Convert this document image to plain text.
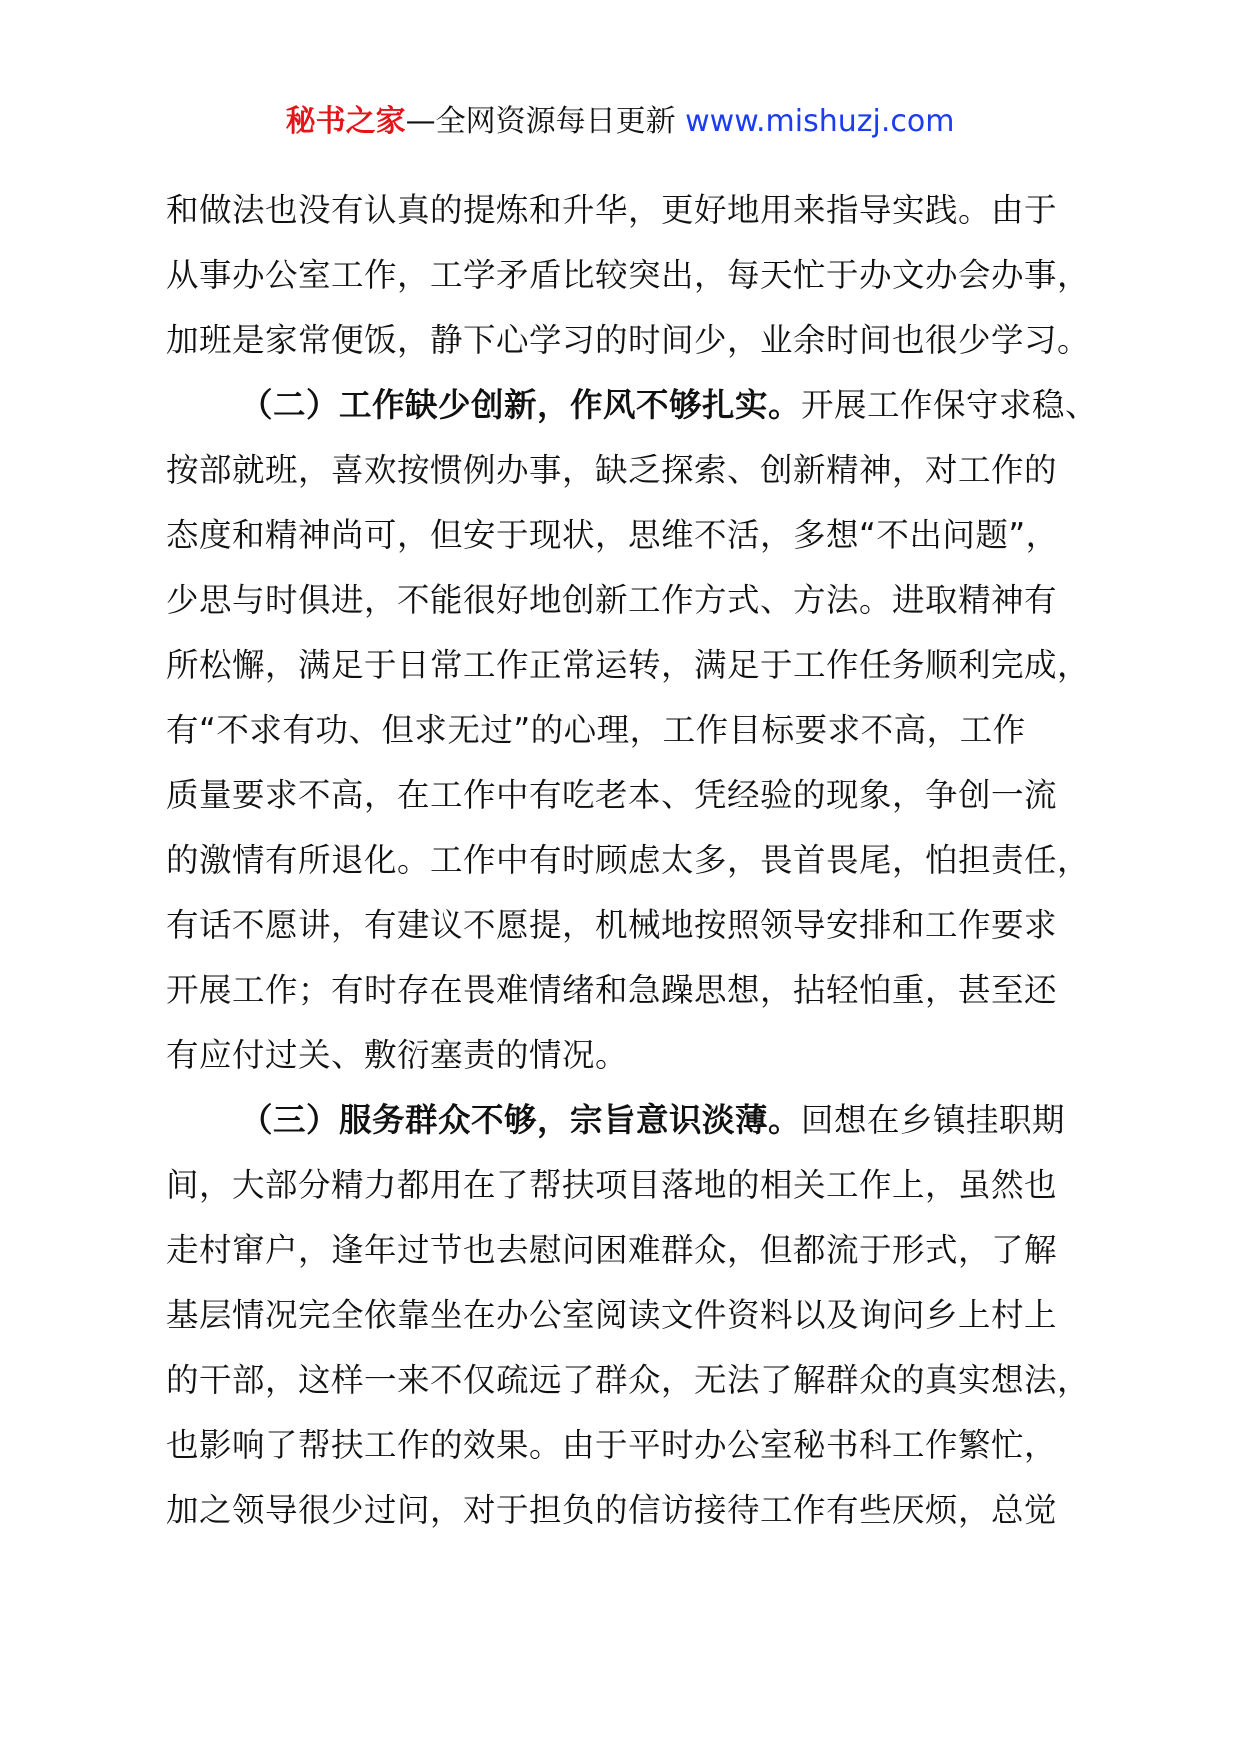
秘书之家—全网资源每日更新 www.mishuzj.com
和做法也没有认真的提炼和升华，更好地用来指导实践。由于
从事办公室工作，工学矛盾比较突出，每天忙于办文办会办事，
加班是家常便饭，静下心学习的时间少，业余时间也很少学习。
（二）工作缺少创新，作风不够扎实。开展工作保守求稳、
按部就班，喜欢按惯例办事，缺乏探索、创新精神，对工作的
态度和精神尚可，但安于现状，思维不活，多想“不出问题”，
少思与时俱进，不能很好地创新工作方式、方法。进取精神有
所松懈，满足于日常工作正常运转，满足于工作任务顺利完成，
有“不求有功、但求无过”的心理，工作目标要求不高，工作
质量要求不高，在工作中有吃老本、凭经验的现象，争创一流
的激情有所退化。工作中有时顾虑太多，畏首畏尾，怕担责任，
有话不愿讲，有建议不愿提，机械地按照领导安排和工作要求
开展工作；有时存在畏难情绪和急躁思想，拈轻怕重，甚至还
有应付过关、敷衍塞责的情况。
（三）服务群众不够，宗旨意识淡薄。回想在乡镇挂职期
间，大部分精力都用在了帮扶项目落地的相关工作上，虽然也
走村窜户，逢年过节也去慰问困难群众，但都流于形式，了解
基层情况完全依靠坐在办公室阅读文件资料以及询问乡上村上
的干部，这样一来不仅疏远了群众，无法了解群众的真实想法，
也影响了帮扶工作的效果。由于平时办公室秘书科工作繁忙，
加之领导很少过问，对于担负的信访接待工作有些厌烦，总觉
